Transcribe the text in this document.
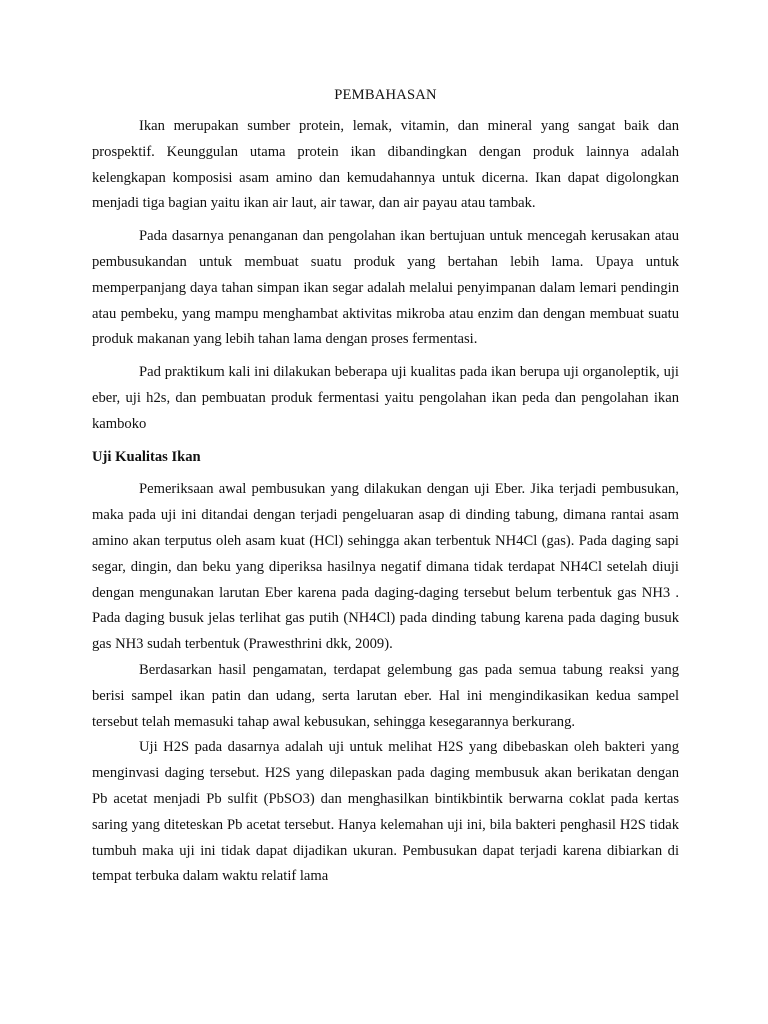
PEMBAHASAN

Ikan merupakan sumber protein, lemak, vitamin, dan mineral yang sangat baik dan prospektif. Keunggulan utama protein ikan dibandingkan dengan produk lainnya adalah kelengkapan komposisi asam amino dan kemudahannya untuk dicerna. Ikan dapat digolongkan menjadi tiga bagian yaitu ikan air laut, air tawar, dan air payau atau tambak.

Pada dasarnya penanganan dan pengolahan ikan bertujuan untuk mencegah kerusakan atau pembusukandan untuk membuat suatu produk yang bertahan lebih lama. Upaya untuk memperpanjang daya tahan simpan ikan segar adalah melalui penyimpanan dalam lemari pendingin atau pembeku, yang mampu menghambat aktivitas mikroba atau enzim dan dengan membuat suatu produk makanan yang lebih tahan lama dengan proses fermentasi.

Pad praktikum kali ini dilakukan beberapa uji kualitas pada ikan berupa uji organoleptik, uji eber, uji h2s, dan pembuatan produk fermentasi yaitu pengolahan ikan peda dan pengolahan ikan kamboko

Uji Kualitas Ikan

Pemeriksaan awal pembusukan yang dilakukan dengan uji Eber. Jika terjadi pembusukan, maka pada uji ini ditandai dengan terjadi pengeluaran asap di dinding tabung, dimana rantai asam amino akan terputus oleh asam kuat (HCl) sehingga akan terbentuk NH4Cl (gas). Pada daging sapi segar, dingin, dan beku yang diperiksa hasilnya negatif dimana tidak terdapat NH4Cl setelah diuji dengan mengunakan larutan Eber karena pada daging-daging tersebut belum terbentuk gas NH3 . Pada daging busuk jelas terlihat gas putih (NH4Cl) pada dinding tabung karena pada daging busuk gas NH3 sudah terbentuk (Prawesthrini dkk, 2009).

Berdasarkan hasil pengamatan, terdapat gelembung gas pada semua tabung reaksi yang berisi sampel ikan patin dan udang, serta larutan eber. Hal ini mengindikasikan kedua sampel tersebut telah memasuki tahap awal kebusukan, sehingga kesegarannya berkurang.

Uji H2S pada dasarnya adalah uji untuk melihat H2S yang dibebaskan oleh bakteri yang menginvasi daging tersebut. H2S yang dilepaskan pada daging membusuk akan berikatan dengan Pb acetat menjadi Pb sulfit (PbSO3) dan menghasilkan bintikbintik berwarna coklat pada kertas saring yang diteteskan Pb acetat tersebut. Hanya kelemahan uji ini, bila bakteri penghasil H2S tidak tumbuh maka uji ini tidak dapat dijadikan ukuran. Pembusukan dapat terjadi karena dibiarkan di tempat terbuka dalam waktu relatif lama
